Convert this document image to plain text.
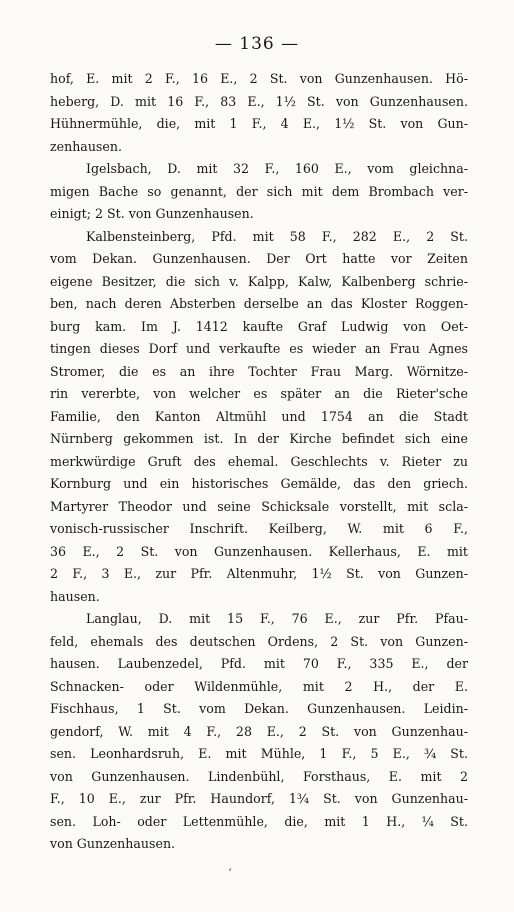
— 136 —
hof, E. mit 2 F., 16 E., 2 St. von Gunzenhausen. Hö-
heberg, D. mit 16 F., 83 E., 1½ St. von Gunzenhausen.
Hühnermühle, die, mit 1 F., 4 E., 1½ St. von Gun-
zenhausen.
Igelsbach, D. mit 32 F., 160 E., vom gleichna-
migen Bache so genannt, der sich mit dem Brombach ver-
einigt; 2 St. von Gunzenhausen.
Kalbensteinberg, Pfd. mit 58 F., 282 E., 2 St.
vom Dekan. Gunzenhausen. Der Ort hatte vor Zeiten
eigene Besitzer, die sich v. Kalpp, Kalw, Kalbenberg schrie-
ben, nach deren Absterben derselbe an das Kloster Roggen-
burg kam. Im J. 1412 kaufte Graf Ludwig von Oet-
tingen dieses Dorf und verkaufte es wieder an Frau Agnes
Stromer, die es an ihre Tochter Frau Marg. Wörnitze-
rin vererbte, von welcher es später an die Rieter'sche
Familie, den Kanton Altmühl und 1754 an die Stadt
Nürnberg gekommen ist. In der Kirche befindet sich eine
merkwürdige Gruft des ehemal. Geschlechts v. Rieter zu
Kornburg und ein historisches Gemälde, das den griech.
Martyrer Theodor und seine Schicksale vorstellt, mit scla-
vonisch-russischer Inschrift. Keilberg, W. mit 6 F.,
36 E., 2 St. von Gunzenhausen. Kellerhaus, E. mit
2 F., 3 E., zur Pfr. Altenmuhr, 1½ St. von Gunzen-
hausen.
Langlau, D. mit 15 F., 76 E., zur Pfr. Pfau-
feld, ehemals des deutschen Ordens, 2 St. von Gunzen-
hausen. Laubenzedel, Pfd. mit 70 F., 335 E., der
Schnacken- oder Wildenmühle, mit 2 H., der E.
Fischhaus, 1 St. vom Dekan. Gunzenhausen. Leidin-
gendorf, W. mit 4 F., 28 E., 2 St. von Gunzenhau-
sen. Leonhardsruh, E. mit Mühle, 1 F., 5 E., ¾ St.
von Gunzenhausen. Lindenbühl, Forsthaus, E. mit 2
F., 10 E., zur Pfr. Haundorf, 1¾ St. von Gunzenhau-
sen. Loh- oder Lettenmühle, die, mit 1 H., ¼ St.
von Gunzenhausen.
ʻ
